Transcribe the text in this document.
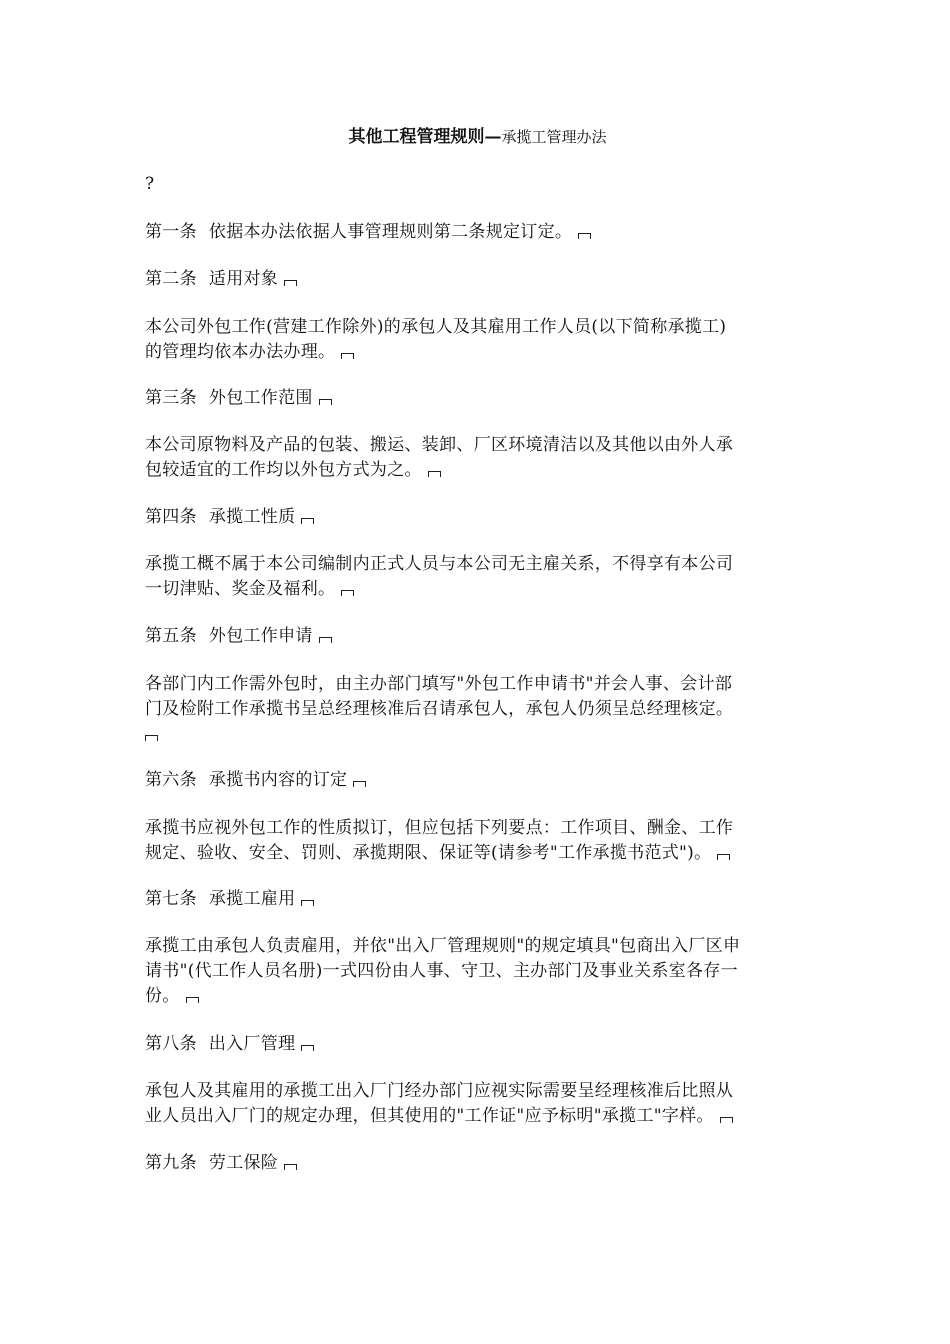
其他工程管理规则—承揽工管理办法
?
第一条 依据本办法依据人事管理规则第二条规定订定。
第二条 适用对象
本公司外包工作(营建工作除外)的承包人及其雇用工作人员(以下简称承揽工)
的管理均依本办法办理。
第三条 外包工作范围
本公司原物料及产品的包装、搬运、装卸、厂区环境清洁以及其他以由外人承
包较适宜的工作均以外包方式为之。
第四条 承揽工性质
承揽工概不属于本公司编制内正式人员与本公司无主雇关系，不得享有本公司
一切津贴、奖金及福利。
第五条 外包工作申请
各部门内工作需外包时，由主办部门填写"外包工作申请书"并会人事、会计部
门及检附工作承揽书呈总经理核准后召请承包人，承包人仍须呈总经理核定。
第六条 承揽书内容的订定
承揽书应视外包工作的性质拟订，但应包括下列要点：工作项目、酬金、工作
规定、验收、安全、罚则、承揽期限、保证等(请参考"工作承揽书范式")。
第七条 承揽工雇用
承揽工由承包人负责雇用，并依"出入厂管理规则"的规定填具"包商出入厂区申
请书"(代工作人员名册)一式四份由人事、守卫、主办部门及事业关系室各存一
份。
第八条 出入厂管理
承包人及其雇用的承揽工出入厂门经办部门应视实际需要呈经理核准后比照从
业人员出入厂门的规定办理，但其使用的"工作证"应予标明"承揽工"字样。
第九条 劳工保险
